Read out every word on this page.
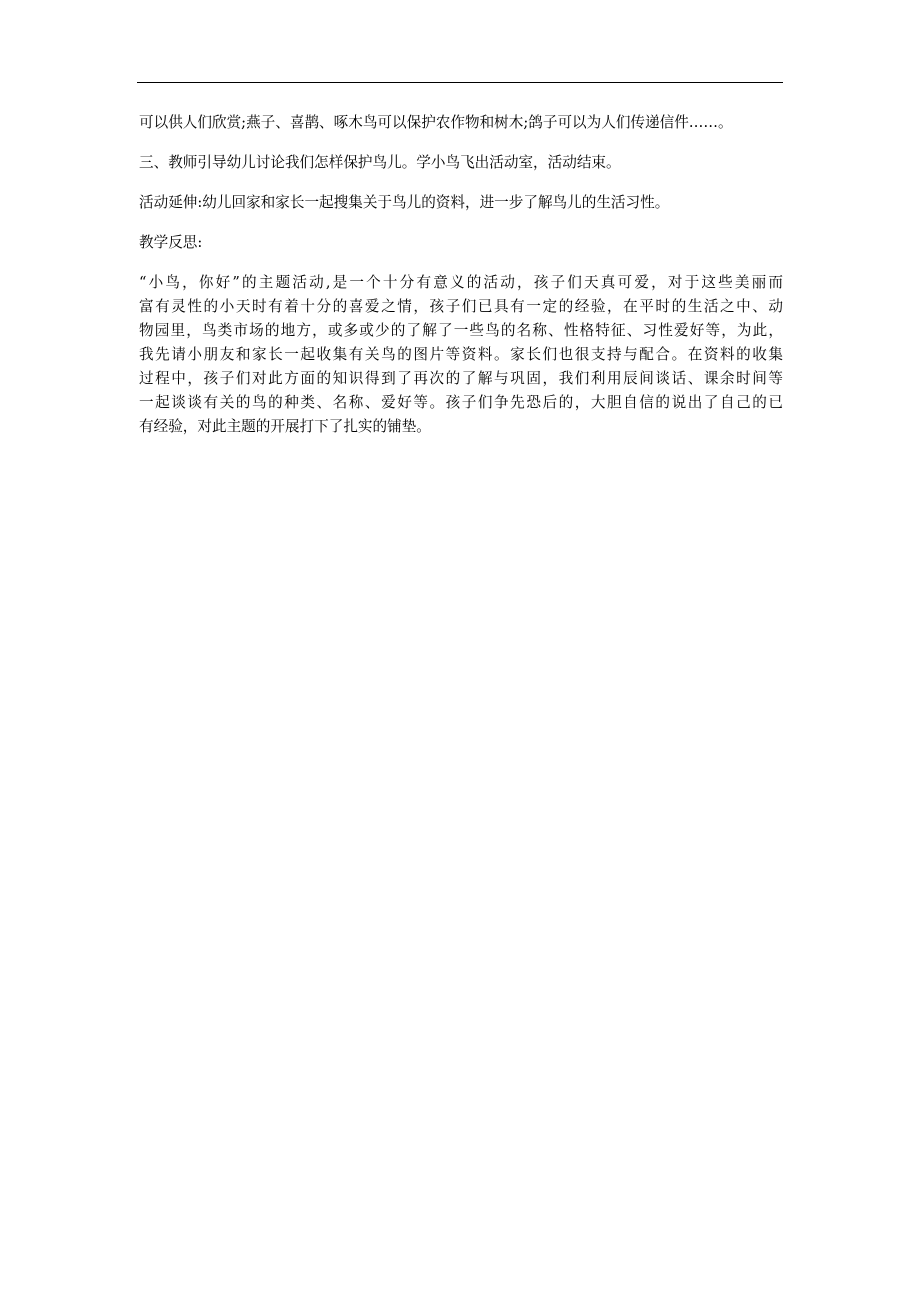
可以供人们欣赏;燕子、喜鹊、啄木鸟可以保护农作物和树木;鸽子可以为人们传递信件……。

三、教师引导幼儿讨论我们怎样保护鸟儿。学小鸟飞出活动室，活动结束。

活动延伸:幼儿回家和家长一起搜集关于鸟儿的资料，进一步了解鸟儿的生活习性。

教学反思:

“小鸟，你好”的主题活动,是一个十分有意义的活动，孩子们天真可爱，对于这些美丽而
富有灵性的小天时有着十分的喜爱之情，孩子们已具有一定的经验，在平时的生活之中、动
物园里，鸟类市场的地方，或多或少的了解了一些鸟的名称、性格特征、习性爱好等，为此，
我先请小朋友和家长一起收集有关鸟的图片等资料。家长们也很支持与配合。在资料的收集
过程中，孩子们对此方面的知识得到了再次的了解与巩固，我们利用辰间谈话、课余时间等
一起谈谈有关的鸟的种类、名称、爱好等。孩子们争先恐后的，大胆自信的说出了自己的已
有经验，对此主题的开展打下了扎实的铺垫。
